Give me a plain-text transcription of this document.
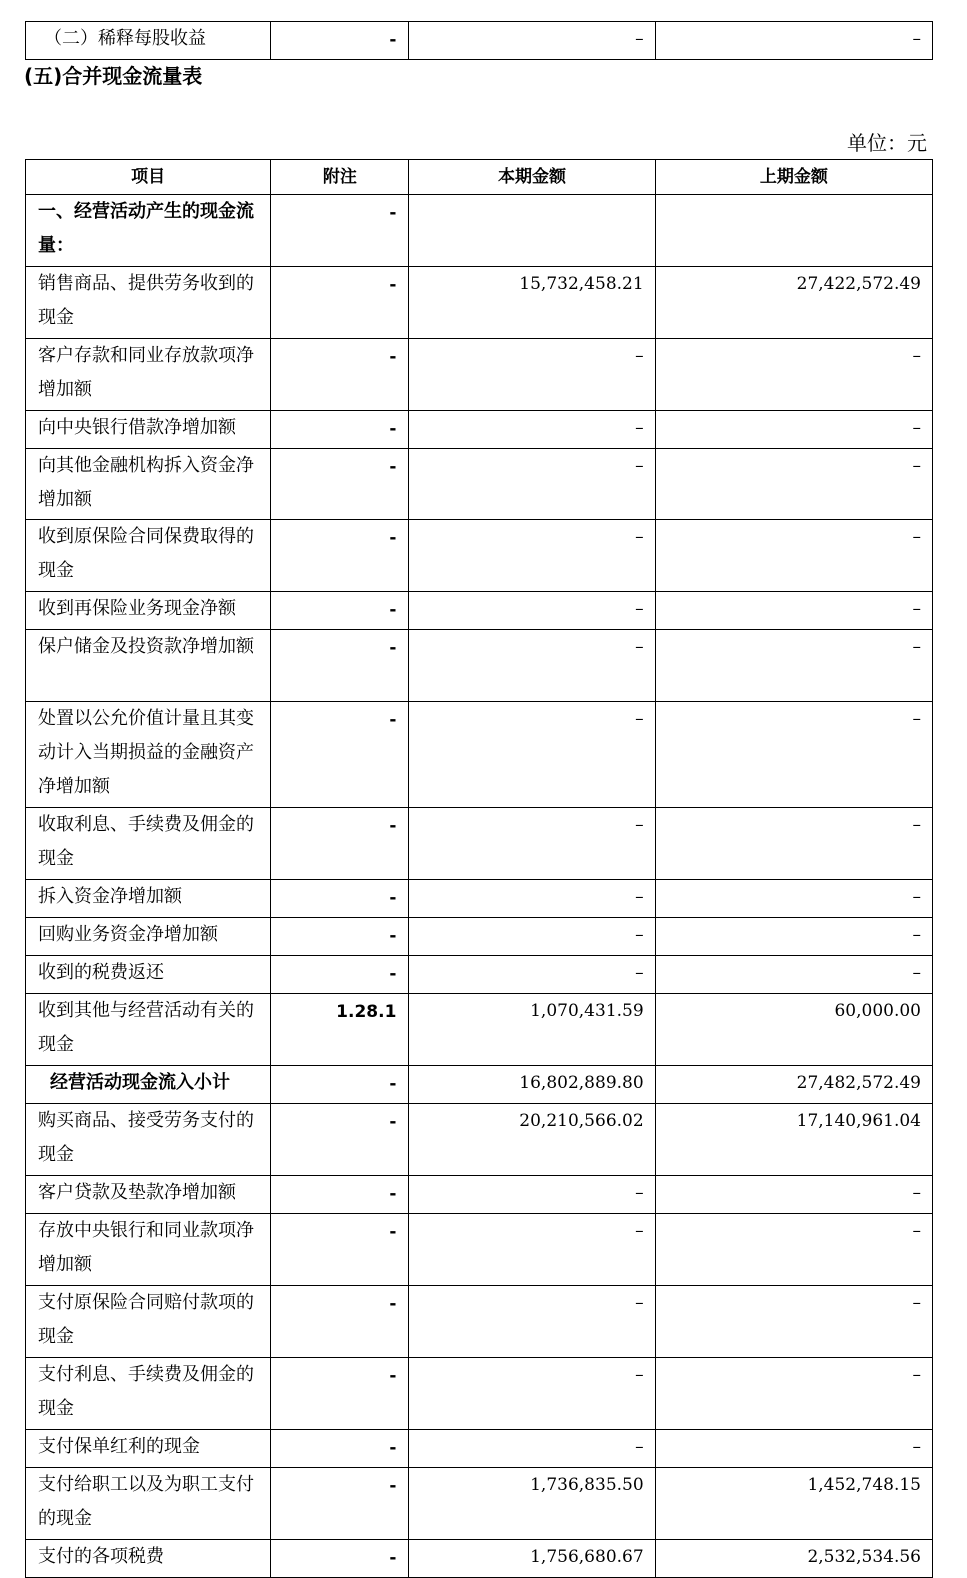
（二）稀释每股收益	-	–	–
(五)合并现金流量表
单位：元
项目	附注	本期金额	上期金额
一、经营活动产生的现金流量：	-		
销售商品、提供劳务收到的现金	-	15,732,458.21	27,422,572.49
客户存款和同业存放款项净增加额	-	–	–
向中央银行借款净增加额	-	–	–
向其他金融机构拆入资金净增加额	-	–	–
收到原保险合同保费取得的现金	-	–	–
收到再保险业务现金净额	-	–	–
保户储金及投资款净增加额	-	–	–
处置以公允价值计量且其变动计入当期损益的金融资产净增加额	-	–	–
收取利息、手续费及佣金的现金	-	–	–
拆入资金净增加额	-	–	–
回购业务资金净增加额	-	–	–
收到的税费返还	-	–	–
收到其他与经营活动有关的现金	1.28.1	1,070,431.59	60,000.00
经营活动现金流入小计	-	16,802,889.80	27,482,572.49
购买商品、接受劳务支付的现金	-	20,210,566.02	17,140,961.04
客户贷款及垫款净增加额	-	–	–
存放中央银行和同业款项净增加额	-	–	–
支付原保险合同赔付款项的现金	-	–	–
支付利息、手续费及佣金的现金	-	–	–
支付保单红利的现金	-	–	–
支付给职工以及为职工支付的现金	-	1,736,835.50	1,452,748.15
支付的各项税费	-	1,756,680.67	2,532,534.56
